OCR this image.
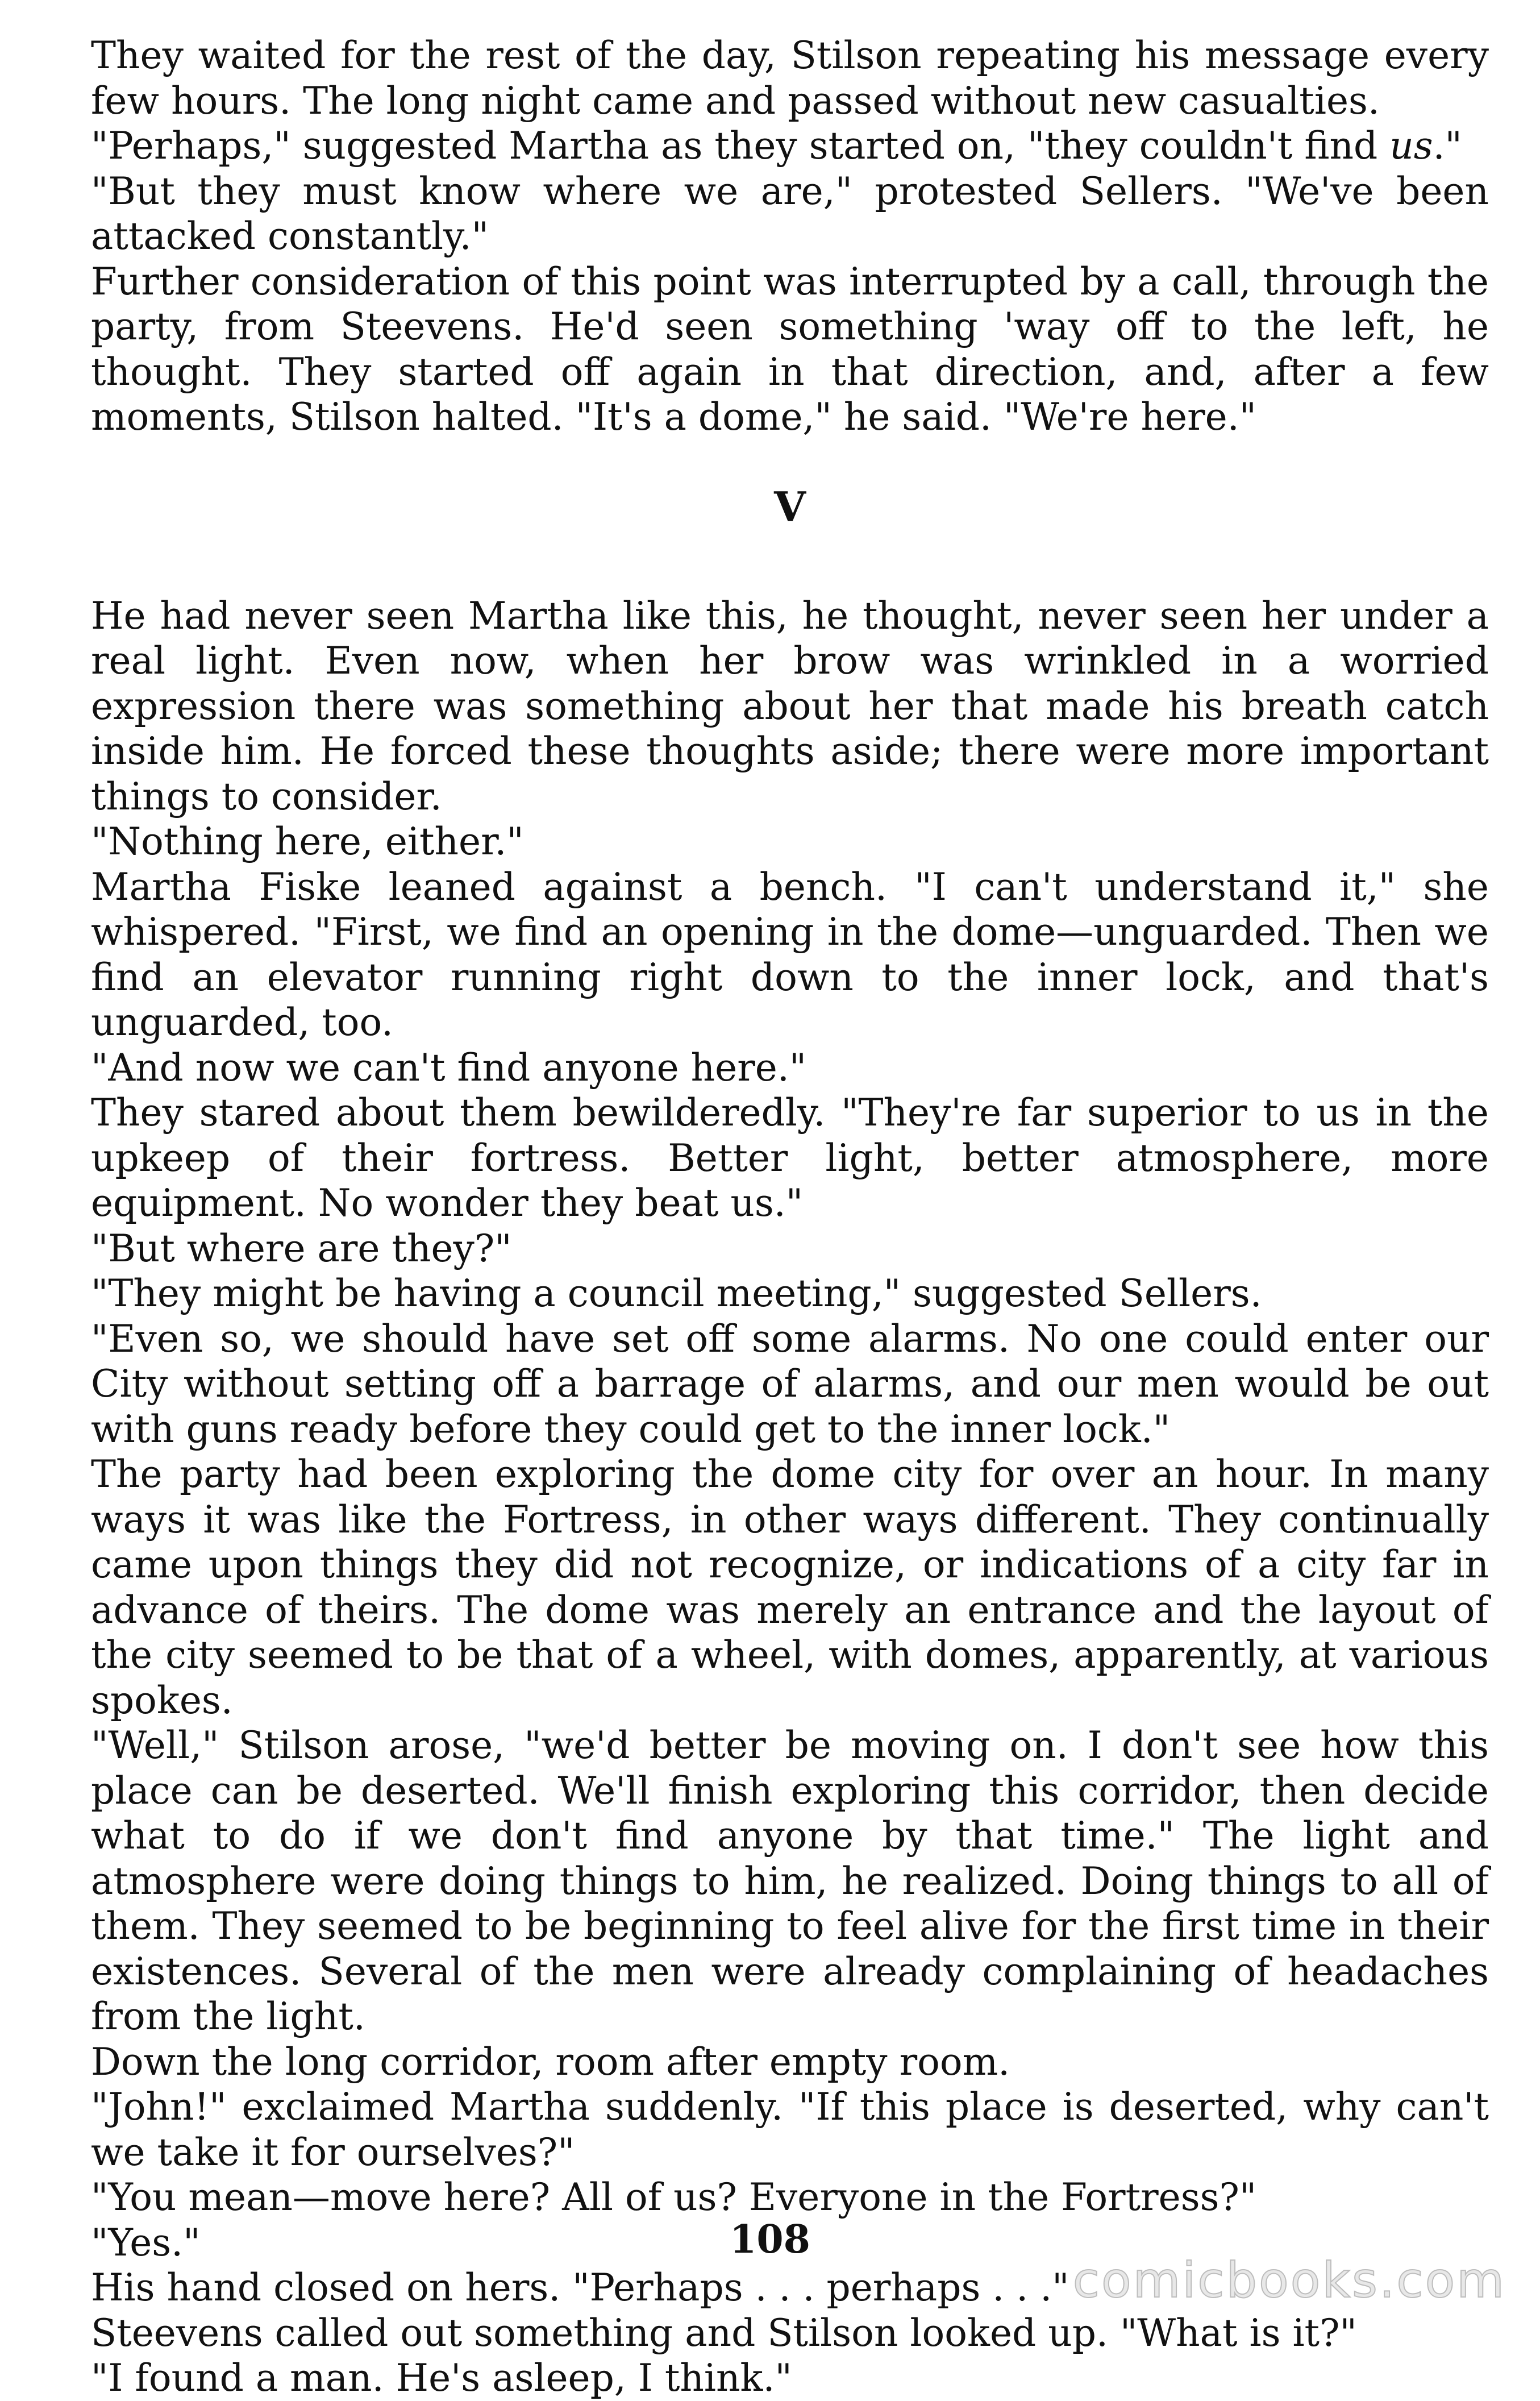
They waited for the rest of the day, Stilson repeating his message every few hours. The long night came and passed without new casualties.

"Perhaps," suggested Martha as they started on, "they couldn't find us."

"But they must know where we are," protested Sellers. "We've been attacked constantly."

Further consideration of this point was interrupted by a call, through the party, from Steevens. He'd seen something 'way off to the left, he thought. They started off again in that direction, and, after a few moments, Stilson halted. "It's a dome," he said. "We're here."

V

He had never seen Martha like this, he thought, never seen her under a real light. Even now, when her brow was wrinkled in a worried expression there was something about her that made his breath catch inside him. He forced these thoughts aside; there were more important things to consider.

"Nothing here, either."

Martha Fiske leaned against a bench. "I can't understand it," she whispered. "First, we find an opening in the dome—unguarded. Then we find an elevator running right down to the inner lock, and that's unguarded, too.

"And now we can't find anyone here."

They stared about them bewilderedly. "They're far superior to us in the upkeep of their fortress. Better light, better atmosphere, more equipment. No wonder they beat us."

"But where are they?"

"They might be having a council meeting," suggested Sellers.

"Even so, we should have set off some alarms. No one could enter our City without setting off a barrage of alarms, and our men would be out with guns ready before they could get to the inner lock."

The party had been exploring the dome city for over an hour. In many ways it was like the Fortress, in other ways different. They continually came upon things they did not recognize, or indications of a city far in advance of theirs. The dome was merely an entrance and the layout of the city seemed to be that of a wheel, with domes, apparently, at various spokes.

"Well," Stilson arose, "we'd better be moving on. I don't see how this place can be deserted. We'll finish exploring this corridor, then decide what to do if we don't find anyone by that time." The light and atmosphere were doing things to him, he realized. Doing things to all of them. They seemed to be beginning to feel alive for the first time in their existences. Several of the men were already complaining of headaches from the light.

Down the long corridor, room after empty room.

"John!" exclaimed Martha suddenly. "If this place is deserted, why can't we take it for ourselves?"

"You mean—move here? All of us? Everyone in the Fortress?"

"Yes."

His hand closed on hers. "Perhaps . . . perhaps . . ."

Steevens called out something and Stilson looked up. "What is it?"

"I found a man. He's asleep, I think."

108
comicbooks.com
